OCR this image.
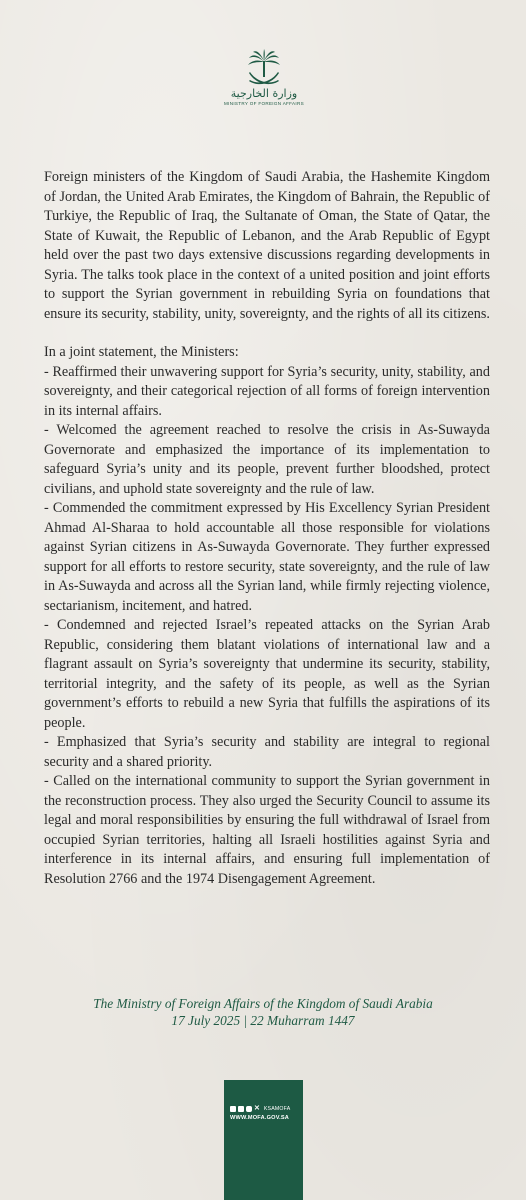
وزارة الخارجية
MINISTRY OF FOREIGN AFFAIRS

Foreign ministers of the Kingdom of Saudi Arabia, the Hashemite Kingdom of Jordan, the United Arab Emirates, the Kingdom of Bahrain, the Republic of Turkiye, the Republic of Iraq, the Sultanate of Oman, the State of Qatar, the State of Kuwait, the Republic of Lebanon, and the Arab Republic of Egypt held over the past two days extensive discussions regarding developments in Syria. The talks took place in the context of a united position and joint efforts to support the Syrian government in rebuilding Syria on foundations that ensure its security, stability, unity, sovereignty, and the rights of all its citizens.

In a joint statement, the Ministers:

- Reaffirmed their unwavering support for Syria’s security, unity, stability, and sovereignty, and their categorical rejection of all forms of foreign intervention in its internal affairs.

- Welcomed the agreement reached to resolve the crisis in As-Suwayda Governorate and emphasized the importance of its implementation to safeguard Syria’s unity and its people, prevent further bloodshed, protect civilians, and uphold state sovereignty and the rule of law.

- Commended the commitment expressed by His Excellency Syrian President Ahmad Al-Sharaa to hold accountable all those responsible for violations against Syrian citizens in As-Suwayda Governorate. They further expressed support for all efforts to restore security, state sovereignty, and the rule of law in As-Suwayda and across all the Syrian land, while firmly rejecting violence, sectarianism, incitement, and hatred.

- Condemned and rejected Israel’s repeated attacks on the Syrian Arab Republic, considering them blatant violations of international law and a flagrant assault on Syria’s sovereignty that undermine its security, stability, territorial integrity, and the safety of its people, as well as the Syrian government’s efforts to rebuild a new Syria that fulfills the aspirations of its people.

- Emphasized that Syria’s security and stability are integral to regional security and a shared priority.

- Called on the international community to support the Syrian government in the reconstruction process. They also urged the Security Council to assume its legal and moral responsibilities by ensuring the full withdrawal of Israel from occupied Syrian territories, halting all Israeli hostilities against Syria and interference in its internal affairs, and ensuring full implementation of Resolution 2766 and the 1974 Disengagement Agreement.

The Ministry of Foreign Affairs of the Kingdom of Saudi Arabia
17 July 2025 | 22 Muharram 1447
✕ KSAMOFA
WWW.MOFA.GOV.SA
